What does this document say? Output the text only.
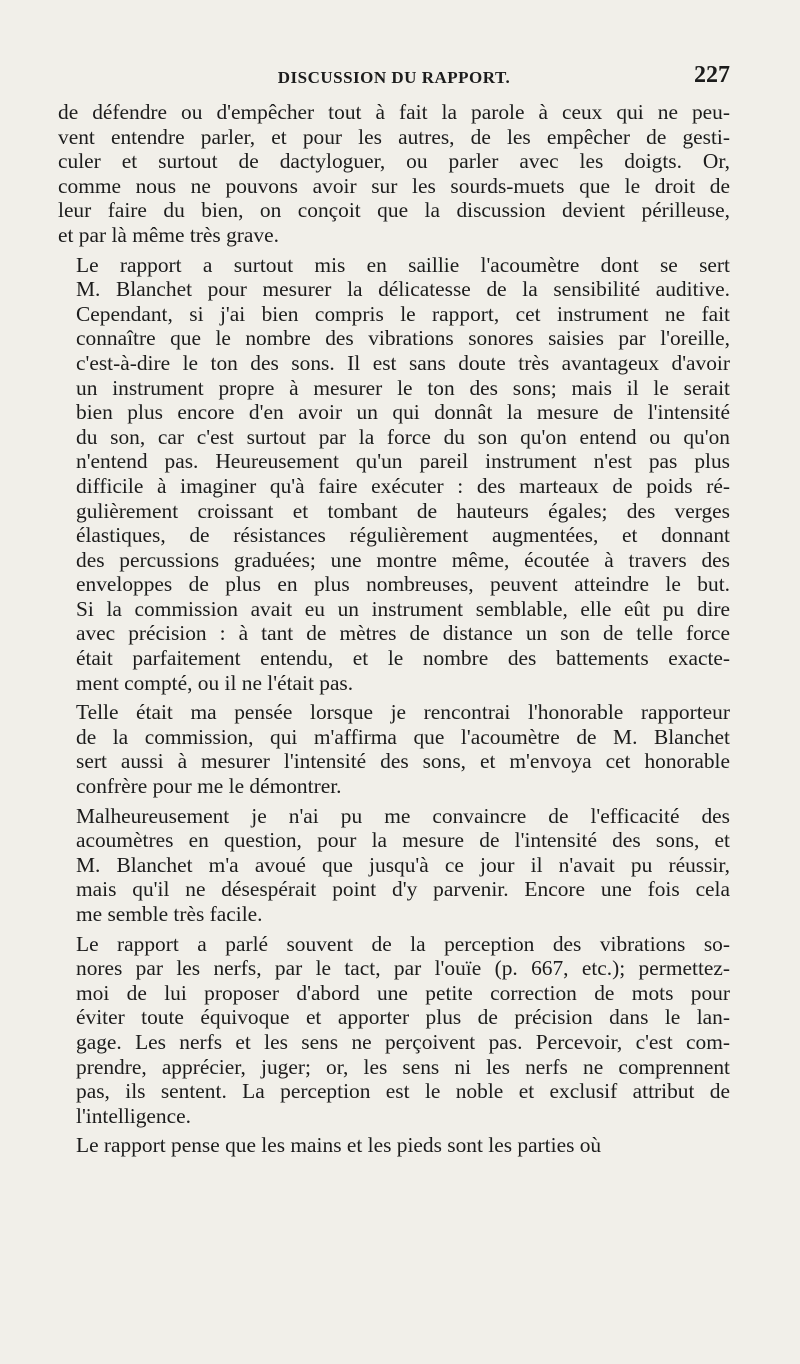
DISCUSSION DU RAPPORT.	227
de défendre ou d'empêcher tout à fait la parole à ceux qui ne peu-
vent entendre parler, et pour les autres, de les empêcher de gesti-
culer et surtout de dactyloguer, ou parler avec les doigts. Or,
comme nous ne pouvons avoir sur les sourds-muets que le droit de
leur faire du bien, on conçoit que la discussion devient périlleuse,
et par là même très grave.
Le rapport a surtout mis en saillie l'acoumètre dont se sert
M. Blanchet pour mesurer la délicatesse de la sensibilité auditive.
Cependant, si j'ai bien compris le rapport, cet instrument ne fait
connaître que le nombre des vibrations sonores saisies par l'oreille,
c'est-à-dire le ton des sons. Il est sans doute très avantageux d'avoir
un instrument propre à mesurer le ton des sons; mais il le serait
bien plus encore d'en avoir un qui donnât la mesure de l'intensité
du son, car c'est surtout par la force du son qu'on entend ou qu'on
n'entend pas. Heureusement qu'un pareil instrument n'est pas plus
difficile à imaginer qu'à faire exécuter : des marteaux de poids ré-
gulièrement croissant et tombant de hauteurs égales; des verges
élastiques, de résistances régulièrement augmentées, et donnant
des percussions graduées; une montre même, écoutée à travers des
enveloppes de plus en plus nombreuses, peuvent atteindre le but.
Si la commission avait eu un instrument semblable, elle eût pu dire
avec précision : à tant de mètres de distance un son de telle force
était parfaitement entendu, et le nombre des battements exacte-
ment compté, ou il ne l'était pas.
Telle était ma pensée lorsque je rencontrai l'honorable rapporteur
de la commission, qui m'affirma que l'acoumètre de M. Blanchet
sert aussi à mesurer l'intensité des sons, et m'envoya cet honorable
confrère pour me le démontrer.
Malheureusement je n'ai pu me convaincre de l'efficacité des
acoumètres en question, pour la mesure de l'intensité des sons, et
M. Blanchet m'a avoué que jusqu'à ce jour il n'avait pu réussir,
mais qu'il ne désespérait point d'y parvenir. Encore une fois cela
me semble très facile.
Le rapport a parlé souvent de la perception des vibrations so-
nores par les nerfs, par le tact, par l'ouïe (p. 667, etc.); permettez-
moi de lui proposer d'abord une petite correction de mots pour
éviter toute équivoque et apporter plus de précision dans le lan-
gage. Les nerfs et les sens ne perçoivent pas. Percevoir, c'est com-
prendre, apprécier, juger; or, les sens ni les nerfs ne comprennent
pas, ils sentent. La perception est le noble et exclusif attribut de
l'intelligence.
Le rapport pense que les mains et les pieds sont les parties où
